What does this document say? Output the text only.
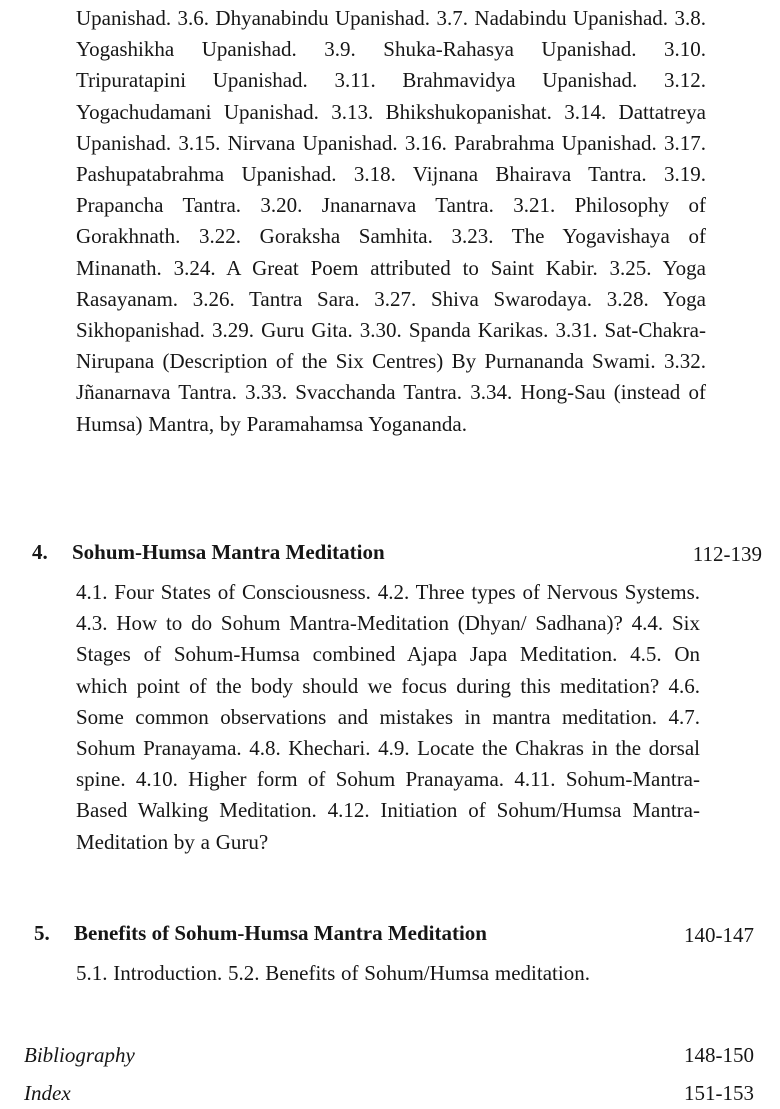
Upanishad. 3.6. Dhyanabindu Upanishad. 3.7. Nadabindu Upanishad. 3.8. Yogashikha Upanishad. 3.9. Shuka-Rahasya Upanishad. 3.10. Tripuratapini Upanishad. 3.11. Brahmavidya Upanishad. 3.12. Yogachudamani Upanishad. 3.13. Bhikshukopanishat. 3.14. Dattatreya Upanishad. 3.15. Nirvana Upanishad. 3.16. Parabrahma Upanishad. 3.17. Pashupatabrahma Upanishad. 3.18. Vijnana Bhairava Tantra. 3.19. Prapancha Tantra. 3.20. Jnanarnava Tantra. 3.21. Philosophy of Gorakhnath. 3.22. Goraksha Samhita. 3.23. The Yogavishaya of Minanath. 3.24. A Great Poem attributed to Saint Kabir. 3.25. Yoga Rasayanam. 3.26. Tantra Sara. 3.27. Shiva Swarodaya. 3.28. Yoga Sikhopanishad. 3.29. Guru Gita. 3.30. Spanda Karikas. 3.31. Sat-Chakra-Nirupana (Description of the Six Centres) By Purnananda Swami. 3.32. Jñanarnava Tantra. 3.33. Svacchanda Tantra. 3.34. Hong-Sau (instead of Humsa) Mantra, by Paramahamsa Yogananda.

4. Sohum-Humsa Mantra Meditation	112-139

4.1. Four States of Consciousness. 4.2. Three types of Nervous Systems. 4.3. How to do Sohum Mantra-Meditation (Dhyan/ Sadhana)? 4.4. Six Stages of Sohum-Humsa combined Ajapa Japa Meditation. 4.5. On which point of the body should we focus during this meditation? 4.6. Some common observations and mistakes in mantra meditation. 4.7. Sohum Pranayama. 4.8. Khechari. 4.9. Locate the Chakras in the dorsal spine. 4.10. Higher form of Sohum Pranayama. 4.11. Sohum-Mantra-Based Walking Meditation. 4.12. Initiation of Sohum/Humsa Mantra-Meditation by a Guru?

5. Benefits of Sohum-Humsa Mantra Meditation	140-147

5.1. Introduction. 5.2. Benefits of Sohum/Humsa meditation.

Bibliography	148-150
Index	151-153
